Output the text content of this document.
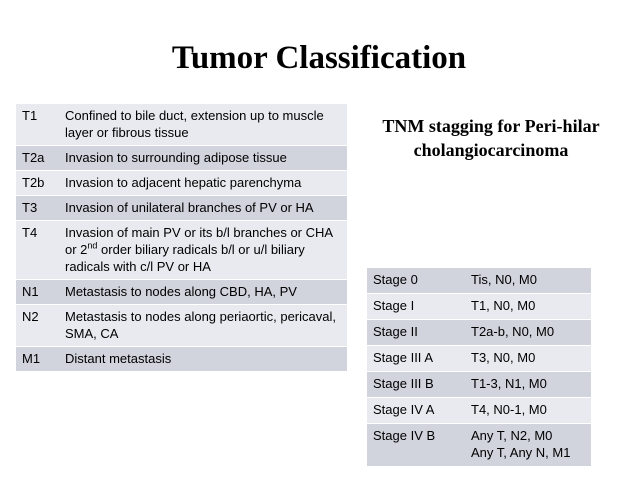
Tumor Classification
T1	Confined to bile duct, extension up to muscle layer or fibrous tissue
T2a	Invasion to surrounding adipose tissue
T2b	Invasion to adjacent hepatic parenchyma
T3	Invasion of unilateral branches of PV or HA
T4	Invasion of main PV or its b/l branches or CHA or 2nd order biliary radicals b/l or u/l biliary radicals with c/l PV or HA
N1	Metastasis to nodes along CBD, HA, PV
N2	Metastasis to nodes along periaortic, pericaval, SMA, CA
M1	Distant metastasis
TNM stagging for Peri-hilar cholangiocarcinoma
Stage 0	Tis, N0, M0
Stage I	T1, N0, M0
Stage II	T2a-b, N0, M0
Stage III A	T3, N0, M0
Stage III B	T1-3, N1, M0
Stage IV A	T4, N0-1, M0
Stage IV B	Any T, N2, M0
Any T, Any N, M1
